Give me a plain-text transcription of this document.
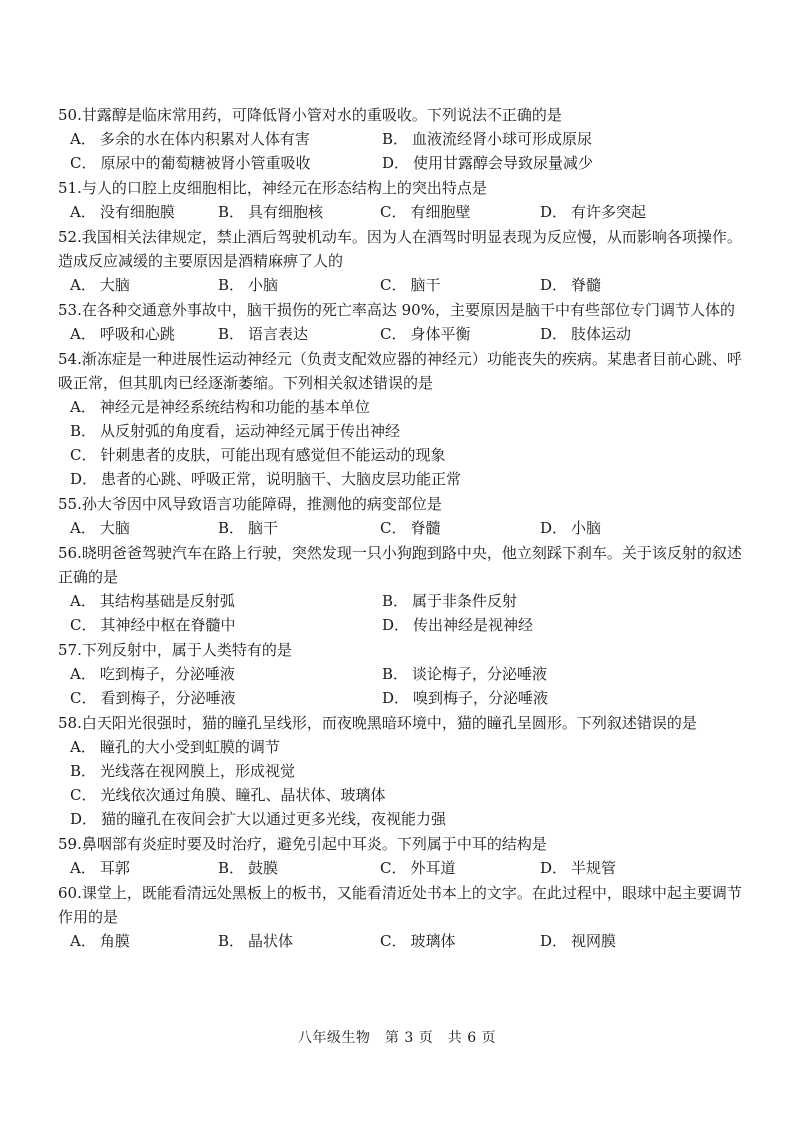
50.甘露醇是临床常用药，可降低肾小管对水的重吸收。下列说法不正确的是

A． 多余的水在体内积累对人体有害	B． 血液流经肾小球可形成原尿
C． 原尿中的葡萄糖被肾小管重吸收	D． 使用甘露醇会导致尿量减少

51.与人的口腔上皮细胞相比，神经元在形态结构上的突出特点是

A． 没有细胞膜	B． 具有细胞核	C． 有细胞壁	D． 有许多突起

52.我国相关法律规定，禁止酒后驾驶机动车。因为人在酒驾时明显表现为反应慢，从而影响各项操作。造成反应减缓的主要原因是酒精麻痹了人的

A． 大脑	B． 小脑	C． 脑干	D． 脊髓

53.在各种交通意外事故中，脑干损伤的死亡率高达 90%，主要原因是脑干中有些部位专门调节人体的

A． 呼吸和心跳	B． 语言表达	C． 身体平衡	D． 肢体运动

54.渐冻症是一种进展性运动神经元（负责支配效应器的神经元）功能丧失的疾病。某患者目前心跳、呼吸正常，但其肌肉已经逐渐萎缩。下列相关叙述错误的是

A． 神经元是神经系统结构和功能的基本单位
B． 从反射弧的角度看，运动神经元属于传出神经
C． 针刺患者的皮肤，可能出现有感觉但不能运动的现象
D． 患者的心跳、呼吸正常，说明脑干、大脑皮层功能正常

55.孙大爷因中风导致语言功能障碍，推测他的病变部位是

A． 大脑	B． 脑干	C． 脊髓	D． 小脑

56.晓明爸爸驾驶汽车在路上行驶，突然发现一只小狗跑到路中央，他立刻踩下刹车。关于该反射的叙述正确的是

A． 其结构基础是反射弧	B． 属于非条件反射
C． 其神经中枢在脊髓中	D． 传出神经是视神经

57.下列反射中，属于人类特有的是

A． 吃到梅子，分泌唾液	B． 谈论梅子，分泌唾液
C． 看到梅子，分泌唾液	D． 嗅到梅子，分泌唾液

58.白天阳光很强时，猫的瞳孔呈线形，而夜晚黑暗环境中，猫的瞳孔呈圆形。下列叙述错误的是

A． 瞳孔的大小受到虹膜的调节
B． 光线落在视网膜上，形成视觉
C． 光线依次通过角膜、瞳孔、晶状体、玻璃体
D． 猫的瞳孔在夜间会扩大以通过更多光线，夜视能力强

59.鼻咽部有炎症时要及时治疗，避免引起中耳炎。下列属于中耳的结构是

A． 耳郭	B． 鼓膜	C． 外耳道	D． 半规管

60.课堂上，既能看清远处黑板上的板书，又能看清近处书本上的文字。在此过程中，眼球中起主要调节作用的是

A． 角膜	B． 晶状体	C． 玻璃体	D． 视网膜
八年级生物　第 3 页　共 6 页
